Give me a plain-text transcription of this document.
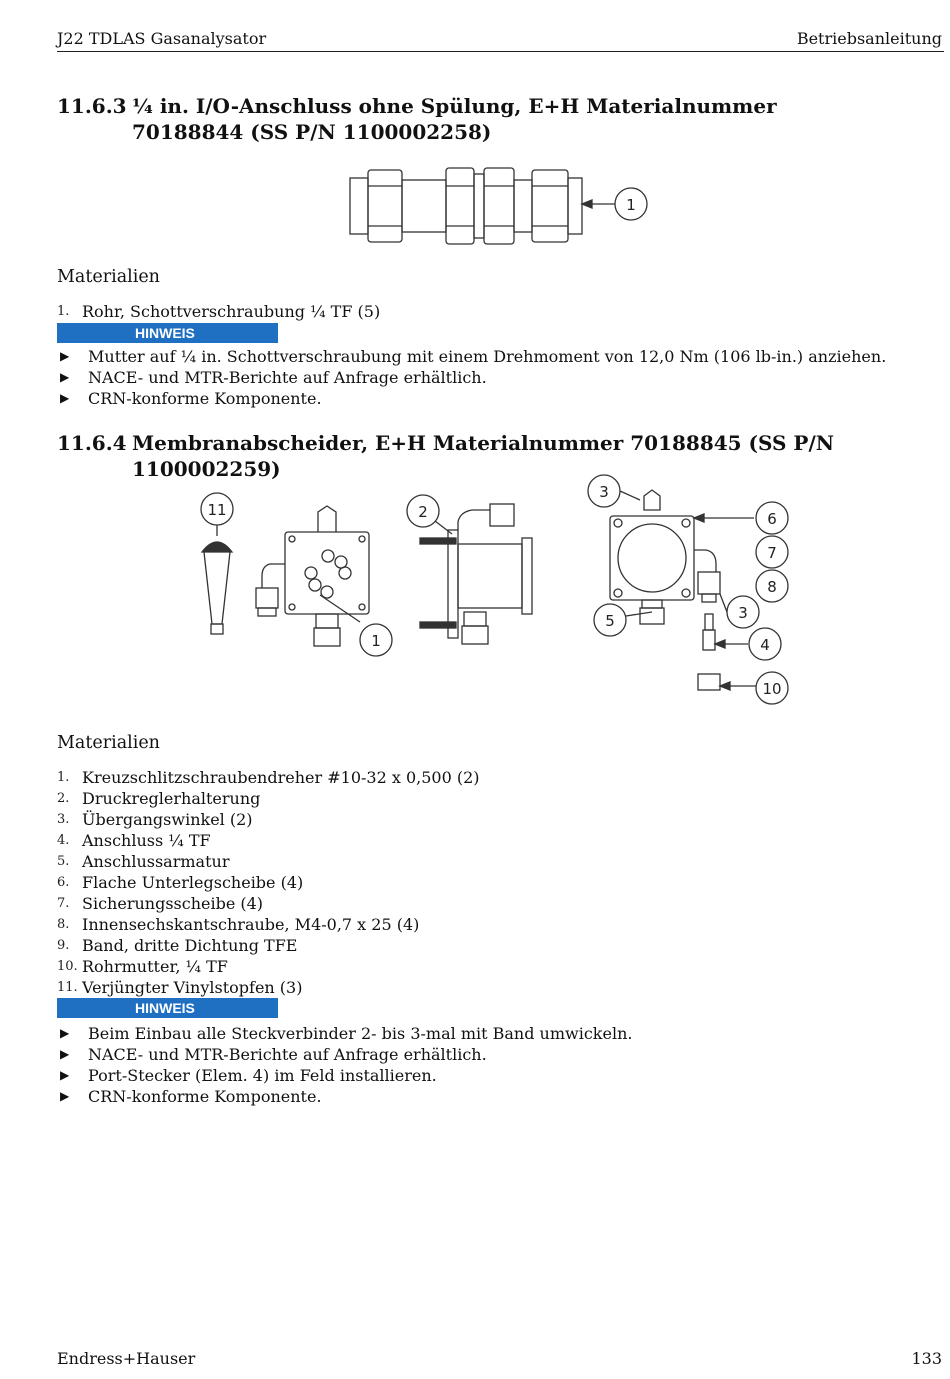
J22 TDLAS Gasanalysator	Betriebsanleitung
11.6.3 ¼ in. I/O-Anschluss ohne Spülung, E+H Materialnummer 70188844 (SS P/N 1100002258)
1
Materialien
1. Rohr, Schottverschraubung ¼ TF (5)
HINWEIS
▶	Mutter auf ¼ in. Schottverschraubung mit einem Drehmoment von 12,0 Nm (106 lb-in.) anziehen.
▶	NACE- und MTR-Berichte auf Anfrage erhältlich.
▶	CRN-konforme Komponente.
11.6.4 Membranabscheider, E+H Materialnummer 70188845 (SS P/N 1100002259)
11
1
2
3
6
7
8
3
5
4
10
Materialien
1. Kreuzschlitzschraubendreher #10-32 x 0,500 (2)
2. Druckreglerhalterung
3. Übergangswinkel (2)
4. Anschluss ¼ TF
5. Anschlussarmatur
6. Flache Unterlegscheibe (4)
7. Sicherungsscheibe (4)
8. Innensechskantschraube, M4-0,7 x 25 (4)
9. Band, dritte Dichtung TFE
10. Rohrmutter, ¼ TF
11. Verjüngter Vinylstopfen (3)
HINWEIS
▶	Beim Einbau alle Steckverbinder 2- bis 3-mal mit Band umwickeln.
▶	NACE- und MTR-Berichte auf Anfrage erhältlich.
▶	Port-Stecker (Elem. 4) im Feld installieren.
▶	CRN-konforme Komponente.
Endress+Hauser	133
